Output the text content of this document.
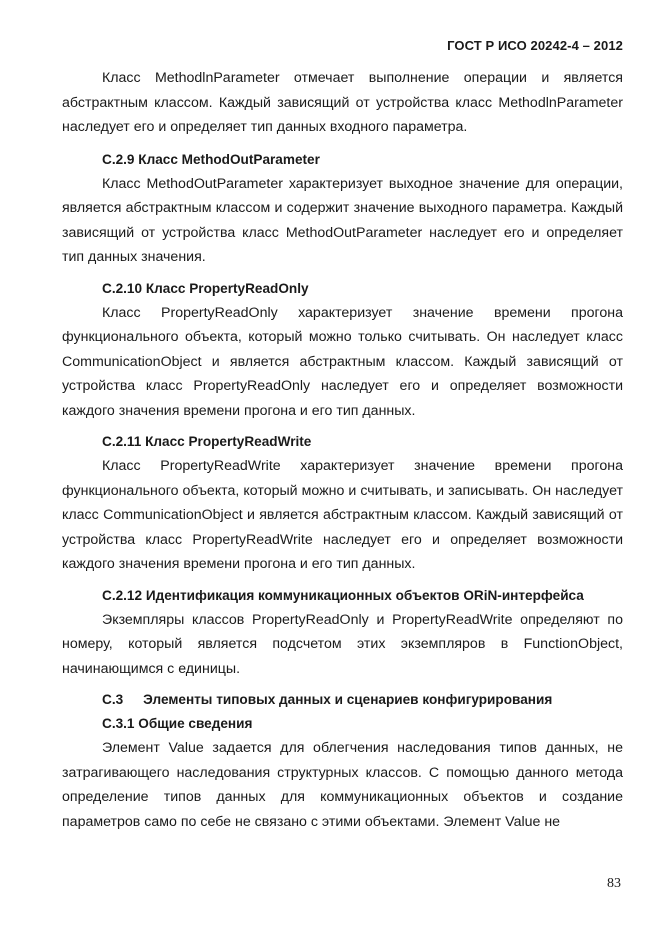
ГОСТ Р ИСО 20242-4 – 2012

Класс MethodlnParameter отмечает выполнение операции и является абстрактным классом. Каждый зависящий от устройства класс MethodlnParameter наследует его и определяет тип данных входного параметра.

С.2.9 Класс MethodOutParameter

Класс MethodOutParameter характеризует выходное значение для операции, является абстрактным классом и содержит значение выходного параметра. Каждый зависящий от устройства класс MethodOutParameter наследует его и определяет тип данных значения.

С.2.10 Класс PropertyReadOnly

Класс PropertyReadOnly характеризует значение времени прогона функционального объекта, который можно только считывать. Он наследует класс CommunicationObject и является абстрактным классом. Каждый зависящий от устройства класс PropertyReadOnly наследует его и определяет возможности каждого значения времени прогона и его тип данных.

С.2.11 Класс PropertyReadWrite

Класс PropertyReadWrite характеризует значение времени прогона функционального объекта, который можно и считывать, и записывать. Он наследует класс CommunicationObject и является абстрактным классом. Каждый зависящий от устройства класс PropertyReadWrite наследует его и определяет возможности каждого значения времени прогона и его тип данных.

С.2.12 Идентификация коммуникационных объектов ORiN-интерфейса

Экземпляры классов PropertyReadOnly и PropertyReadWrite определяют по номеру, который является подсчетом этих экземпляров в FunctionObject, начинающимся с единицы.

С.3 Элементы типовых данных и сценариев конфигурирования
С.3.1 Общие сведения

Элемент Value задается для облегчения наследования типов данных, не затрагивающего наследования структурных классов. С помощью данного метода определение типов данных для коммуникационных объектов и создание параметров само по себе не связано с этими объектами. Элемент Value не

83
